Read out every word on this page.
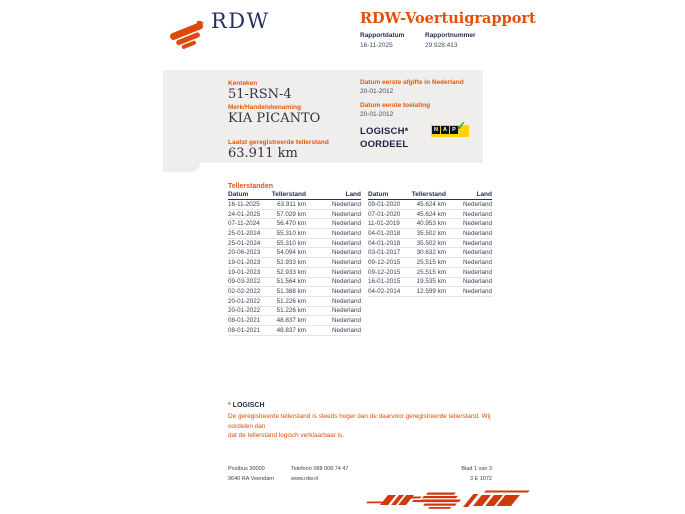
RDW	RDW-Voertuigrapport
Rapportdatum
16-11-2025
Rapportnummer
29.928.413
Kenteken
51-RSN-4
Merk/Handelsbenaming
KIA PICANTO
Laatst geregistreerde tellerstand
63.911 km
Datum eerste afgifte in Nederland
20-01-2012
Datum eerste toelating
20-01-2012
LOGISCH*
OORDEEL
N A P ✓
Tellerstanden
Datum	Tellerstand	Land
16-11-2025	63.911 km	Nederland
24-01-2025	57.029 km	Nederland
07-11-2024	56.470 km	Nederland
25-01-2024	55.310 km	Nederland
25-01-2024	55.310 km	Nederland
20-06-2023	54.094 km	Nederland
19-01-2023	52.933 km	Nederland
19-01-2023	52.933 km	Nederland
09-03-2022	51.564 km	Nederland
02-02-2022	51.388 km	Nederland
20-01-2022	51.226 km	Nederland
20-01-2022	51.226 km	Nederland
08-01-2021	48.837 km	Nederland
08-01-2021	48.837 km	Nederland
Datum	Tellerstand	Land
09-01-2020	45.624 km	Nederland
07-01-2020	45.624 km	Nederland
11-01-2019	40.953 km	Nederland
04-01-2018	35.502 km	Nederland
04-01-2018	35.502 km	Nederland
03-01-2017	30.632 km	Nederland
09-12-2015	25.515 km	Nederland
09-12-2015	25.515 km	Nederland
16-01-2015	19.535 km	Nederland
04-02-2014	12.599 km	Nederland
* LOGISCH
De geregistreerde tellerstand is steeds hoger dan de daarvoor geregistreerde tellerstand. Wij oordelen dan
dat de tellerstand logisch verklaarbaar is.
Postbus 30000
9640 RA Veendam
Telefoon 088 008 74 47
www.rdw.nl
Blad 1 van 3
3 E 1072
